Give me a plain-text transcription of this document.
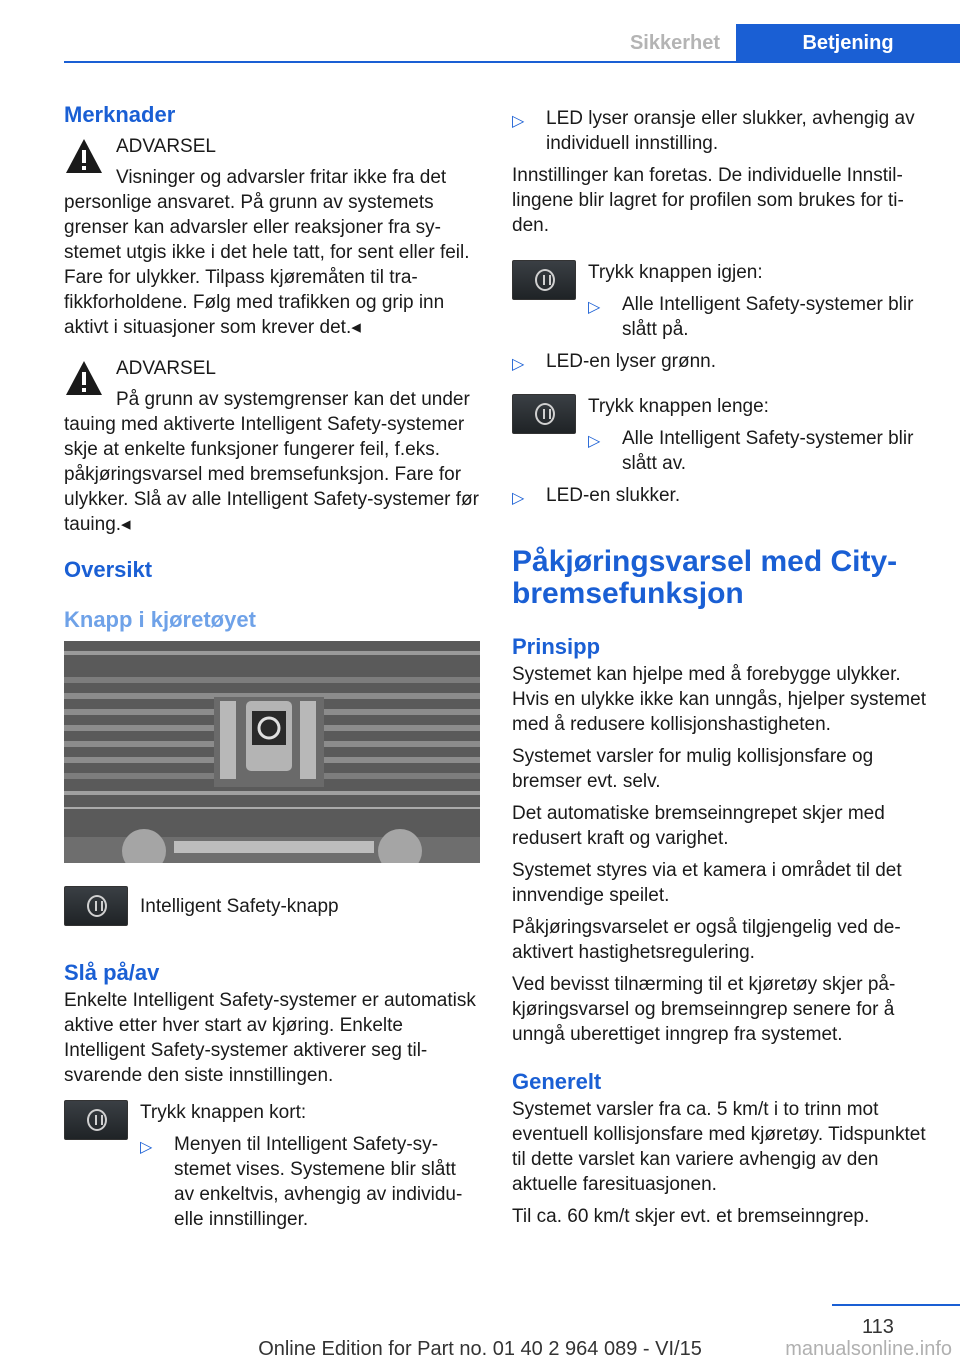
Sikkerhet	Betjening
Merknader
ADVARSEL

Visninger og advarsler fritar ikke fra det personlige ansvaret. På grunn av systemets grenser kan advarsler eller reaksjoner fra systemet utgis ikke i det hele tatt, for sent eller feil. Fare for ulykker. Tilpass kjøremåten til trafikkforholdene. Følg med trafikken og grip inn aktivt i situasjoner som krever det.◂

ADVARSEL

På grunn av systemgrenser kan det under tauing med aktiverte Intelligent Safety-systemer skje at enkelte funksjoner fungerer feil, f.eks. påkjøringsvarsel med bremsefunksjon. Fare for ulykker. Slå av alle Intelligent Safety-systemer før tauing.◂

Oversikt
Knapp i kjøretøyet
Intelligent Safety-knapp
Slå på/av

Enkelte Intelligent Safety-systemer er automatisk aktive etter hver start av kjøring. Enkelte Intelligent Safety-systemer aktiverer seg tilsvarende den siste innstillingen.

Trykk knappen kort:

▷ Menyen til Intelligent Safety-systemet vises. Systemene blir slått av enkeltvis, avhengig av individuelle innstillinger.
▷ LED lyser oransje eller slukker, avhengig av individuell innstilling.

Innstillinger kan foretas. De individuelle Innstillingene blir lagret for profilen som brukes for tiden.

Trykk knappen igjen:

▷ Alle Intelligent Safety-systemer blir slått på.
▷ LED-en lyser grønn.

Trykk knappen lenge:

▷ Alle Intelligent Safety-systemer blir slått av.
▷ LED-en slukker.
Påkjøringsvarsel med City-bremsefunksjon
Prinsipp

Systemet kan hjelpe med å forebygge ulykker. Hvis en ulykke ikke kan unngås, hjelper systemet med å redusere kollisjonshastigheten.

Systemet varsler for mulig kollisjonsfare og bremser evt. selv.

Det automatiske bremseinngrepet skjer med redusert kraft og varighet.

Systemet styres via et kamera i området til det innvendige speilet.

Påkjøringsvarselet er også tilgjengelig ved deaktivert hastighetsregulering.

Ved bevisst tilnærming til et kjøretøy skjer påkjøringsvarsel og bremseinngrep senere for å unngå uberettiget inngrep fra systemet.

Generelt

Systemet varsler fra ca. 5 km/t i to trinn mot eventuell kollisjonsfare med kjøretøy. Tidspunktet til dette varslet kan variere avhengig av den aktuelle faresituasjonen.

Til ca. 60 km/t skjer evt. et bremseinngrep.

113
Online Edition for Part no. 01 40 2 964 089 - VI/15	manualsonline.info
